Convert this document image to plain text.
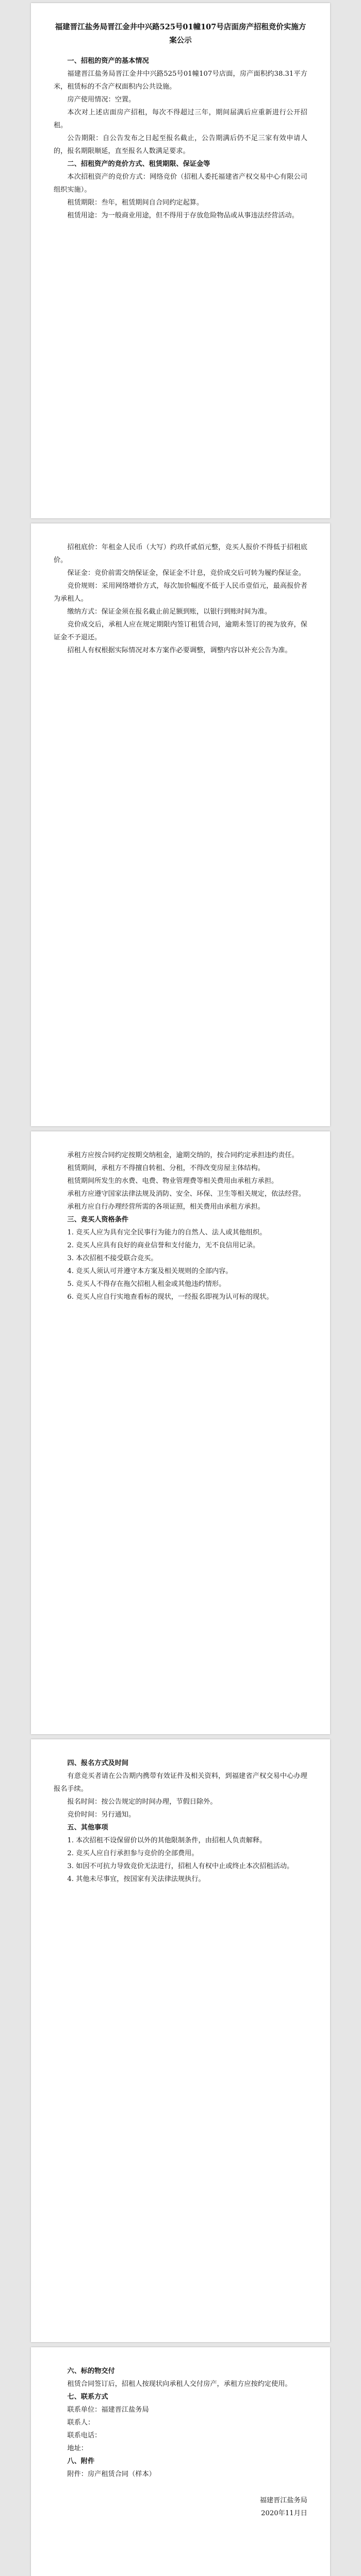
福建晋江盐务局晋江金井中兴路525号01幢107号店面房产招租竞价实施方案公示

一、招租的资产的基本情况

福建晋江盐务局晋江金井中兴路525号01幢107号店面，房产面积约38.31平方米，租赁标的不含产权面积内公共设施。

房产使用情况：空置。

本次对上述店面房产招租，每次不得超过三年，期间届满后应重新进行公开招租。

公告期限：自公告发布之日起至报名截止，公告期满后仍不足三家有效申请人的，报名期限顺延，直至报名人数满足要求。

二、招租资产的竞价方式、租赁期限、保证金等

本次招租资产的竞价方式：网络竞价（招租人委托福建省产权交易中心有限公司组织实施）。

租赁期限：叁年，租赁期间自合同约定起算。

租赁用途：为一般商业用途，但不得用于存放危险物品或从事违法经营活动。

招租底价：年租金人民币（大写）约玖仟贰佰元整，竞买人报价不得低于招租底价。

保证金：竞价前需交纳保证金，保证金不计息，竞价成交后可转为履约保证金。

竞价规则：采用网络增价方式，每次加价幅度不低于人民币壹佰元，最高报价者为承租人。

缴纳方式：保证金须在报名截止前足额到账，以银行到账时间为准。

竞价成交后，承租人应在规定期限内签订租赁合同，逾期未签订的视为放弃，保证金不予退还。

招租人有权根据实际情况对本方案作必要调整，调整内容以补充公告为准。

承租方应按合同约定按期交纳租金，逾期交纳的，按合同约定承担违约责任。

租赁期间，承租方不得擅自转租、分租，不得改变房屋主体结构。

租赁期间所发生的水费、电费、物业管理费等相关费用由承租方承担。

承租方应遵守国家法律法规及消防、安全、环保、卫生等相关规定，依法经营。

承租方应自行办理经营所需的各项证照，相关费用由承租方承担。

三、竞买人资格条件

1. 竞买人应为具有完全民事行为能力的自然人、法人或其他组织。

2. 竞买人应具有良好的商业信誉和支付能力，无不良信用记录。

3. 本次招租不接受联合竞买。

4. 竞买人须认可并遵守本方案及相关规则的全部内容。

5. 竞买人不得存在拖欠招租人租金或其他违约情形。

6. 竞买人应自行实地查看标的现状，一经报名即视为认可标的现状。

四、报名方式及时间

有意竞买者请在公告期内携带有效证件及相关资料，到福建省产权交易中心办理报名手续。

报名时间：按公告规定的时间办理，节假日除外。

竞价时间：另行通知。

五、其他事项

1. 本次招租不设保留价以外的其他限制条件，由招租人负责解释。

2. 竞买人应自行承担参与竞价的全部费用。

3. 如因不可抗力导致竞价无法进行，招租人有权中止或终止本次招租活动。

4. 其他未尽事宜，按国家有关法律法规执行。

六、标的物交付

租赁合同签订后，招租人按现状向承租人交付房产，承租方应按约定使用。

七、联系方式

联系单位：福建晋江盐务局

联系人：

联系电话：

地址：

八、附件

附件：房产租赁合同（样本）

福建晋江盐务局

2020年11月日
